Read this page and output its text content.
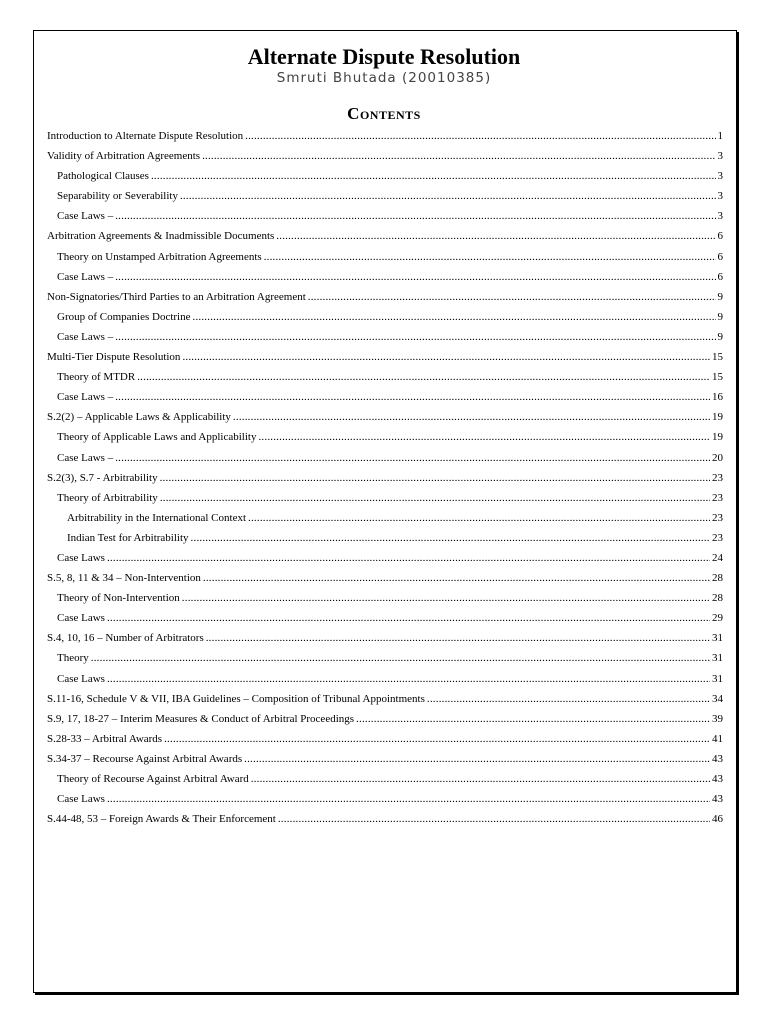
Alternate Dispute Resolution
Smruti Bhutada (20010385)
Contents
Introduction to Alternate Dispute Resolution .....	1
Validity of Arbitration Agreements .....	3
Pathological Clauses .....	3
Separability or Severability .....	3
Case Laws – .....	3
Arbitration Agreements & Inadmissible Documents .....	6
Theory on Unstamped Arbitration Agreements .....	6
Case Laws – .....	6
Non-Signatories/Third Parties to an Arbitration Agreement .....	9
Group of Companies Doctrine .....	9
Case Laws – .....	9
Multi-Tier Dispute Resolution .....	15
Theory of MTDR .....	15
Case Laws – .....	16
S.2(2) – Applicable Laws & Applicability .....	19
Theory of Applicable Laws and Applicability .....	19
Case Laws – .....	20
S.2(3), S.7 - Arbitrability .....	23
Theory of Arbitrability .....	23
Arbitrability in the International Context .....	23
Indian Test for Arbitrability .....	23
Case Laws .....	24
S.5, 8, 11 & 34 – Non-Intervention .....	28
Theory of Non-Intervention .....	28
Case Laws .....	29
S.4, 10, 16 – Number of Arbitrators .....	31
Theory .....	31
Case Laws .....	31
S.11-16, Schedule V & VII, IBA Guidelines – Composition of Tribunal Appointments .....	34
S.9, 17, 18-27 – Interim Measures & Conduct of Arbitral Proceedings .....	39
S.28-33 – Arbitral Awards .....	41
S.34-37 – Recourse Against Arbitral Awards .....	43
Theory of Recourse Against Arbitral Award .....	43
Case Laws .....	43
S.44-48, 53 – Foreign Awards & Their Enforcement .....	46
